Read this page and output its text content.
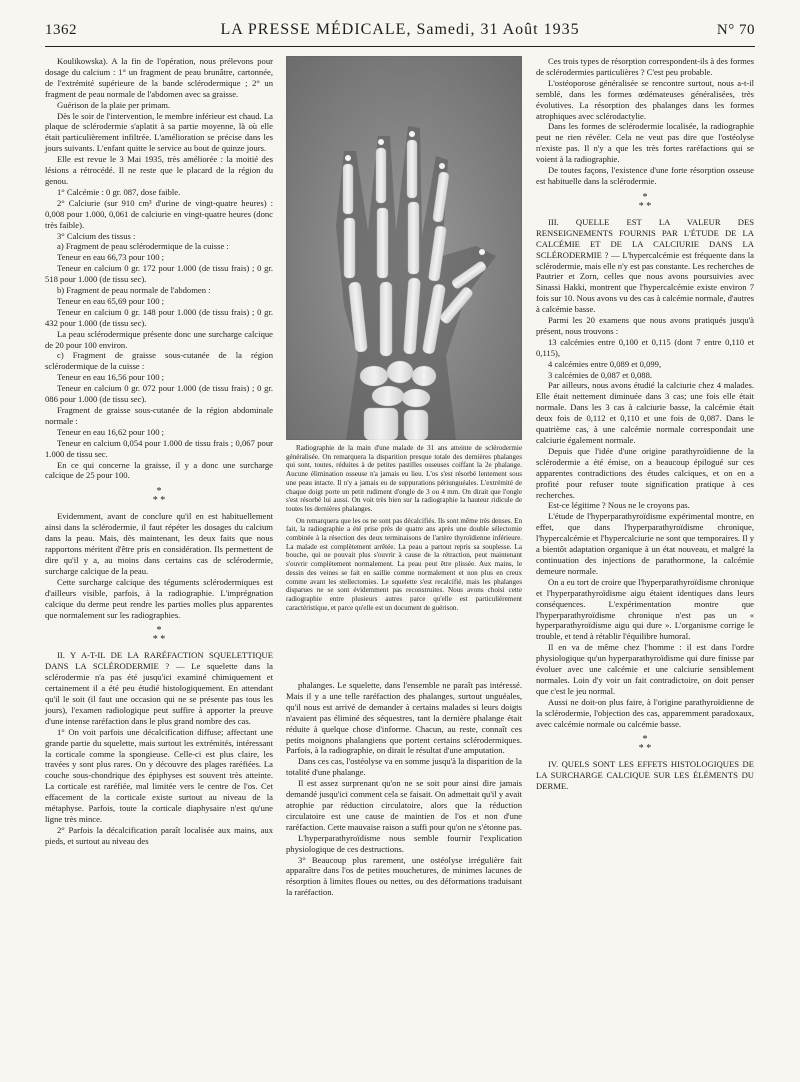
1362	LA PRESSE MÉDICALE, Samedi, 31 Août 1935	N° 70

Koulikowska). A la fin de l'opération, nous prélevons pour dosage du calcium : 1° un fragment de peau brunâtre, cartonnée, de l'extrémité supérieure de la bande sclérodermique ; 2° un fragment de peau normale de l'abdomen avec sa graisse.

Guérison de la plaie per primam.

Dès le soir de l'intervention, le membre inférieur est chaud. La plaque de sclérodermie s'aplatit à sa partie moyenne, là où elle était particulièrement infiltrée. L'amélioration se précise dans les jours suivants. L'enfant quitte le service au bout de quinze jours.

Elle est revue le 3 Mai 1935, très améliorée : la moitié des lésions a rétrocédé. Il ne reste que le placard de la région du genou.

1° Calcémie : 0 gr. 087, dose faible.

2° Calciurie (sur 910 cm³ d'urine de vingt-quatre heures) : 0,008 pour 1.000, 0,061 de calciurie en vingt-quatre heures (donc très faible).

3° Calcium des tissus :

a) Fragment de peau sclérodermique de la cuisse :

Teneur en eau 66,73 pour 100 ;

Teneur en calcium 0 gr. 172 pour 1.000 (de tissu frais) ; 0 gr. 518 pour 1.000 (de tissu sec).

b) Fragment de peau normale de l'abdomen :

Teneur en eau 65,69 pour 100 ;

Teneur en calcium 0 gr. 148 pour 1.000 (de tissu frais) ; 0 gr. 432 pour 1.000 (de tissu sec).

La peau sclérodermique présente donc une surcharge calcique de 20 pour 100 environ.

c) Fragment de graisse sous-cutanée de la région sclérodermique de la cuisse :

Teneur en eau 16,56 pour 100 ;

Teneur en calcium 0 gr. 072 pour 1.000 (de tissu frais) ; 0 gr. 086 pour 1.000 (de tissu sec).

Fragment de graisse sous-cutanée de la région abdominale normale :

Teneur en eau 16,62 pour 100 ;

Teneur en calcium 0,054 pour 1.000 de tissu frais ; 0,067 pour 1.000 de tissu sec.

En ce qui concerne la graisse, il y a donc une surcharge calcique de 25 pour 100.

*
* *

Evidemment, avant de conclure qu'il en est habituellement ainsi dans la sclérodermie, il faut répéter les dosages du calcium dans la peau. Mais, dès maintenant, les deux faits que nous rapportons méritent d'être pris en considération. Ils permettent de dire qu'il y a, au moins dans certains cas de sclérodermie, surcharge calcique de la peau.

Cette surcharge calcique des téguments sclérodermiques est d'ailleurs visible, parfois, à la radiographie. L'imprégnation calcique du derme peut rendre les parties molles plus apparentes que normalement sur les radiographies.

*
* *

II. Y A-T-IL DE LA RARÉFACTION SQUELETTIQUE DANS LA SCLÉRODERMIE ? — Le squelette dans la sclérodermie n'a pas été jusqu'ici examiné chimiquement et certainement il a été peu étudié histologiquement. En attendant qu'il le soit (il faut une occasion qui ne se présente pas tous les jours), l'examen radiologique peut suffire à apporter la preuve d'une intense raréfaction dans le plus grand nombre des cas.

1° On voit parfois une décalcification diffuse; affectant une grande partie du squelette, mais surtout les extrémités, intéressant la corticale comme la spongieuse. Celle-ci est plus claire, les travées y sont plus rares. On y découvre des plages raréfiées. La couche sous-chondrique des épiphyses est souvent très atteinte. La corticale est raréfiée, mal limitée vers le centre de l'os. Cet effacement de la corticale existe surtout au niveau de la métaphyse. Parfois, toute la corticale diaphysaire n'est qu'une ligne très mince.

2° Parfois la décalcification paraît localisée aux mains, aux pieds, et surtout au niveau des

Radiographie de la main d'une malade de 31 ans atteinte de sclérodermie généralisée. On remarquera la disparition presque totale des dernières phalanges qui sont, toutes, réduites à de petites pastilles osseuses coiffant la 2e phalange. Aucune élimination osseuse n'a jamais eu lieu. L'os s'est résorbé lentement sous une peau intacte. Il n'y a jamais eu de suppurations périunguéales. L'extrémité de chaque doigt porte un petit rudiment d'ongle de 3 ou 4 mm. On dirait que l'ongle s'est résorbé lui aussi. On voit très bien sur la radiographie la hauteur ridicule de toutes les dernières phalanges.

On remarquera que les os ne sont pas décalcifiés. Ils sont même très denses. En fait, la radiographie a été prise près de quatre ans après une double sélectomie combinée à la résection des deux terminaisons de l'artère thyroïdienne inférieure. La malade est complètement arrêtée. La peau a partout repris sa souplesse. La bouche, qui ne pouvait plus s'ouvrir à cause de la rétraction, peut maintenant s'ouvrir complètement normalement. La peau peut être plissée. Aux mains, le dessin des veines se fait en saillie comme normalement et non plus en creux comme avant les stellectomies. Le squelette s'est recalcifié, mais les phalanges disparues ne se sont évidemment pas reconstruites. Nous avons choisi cette radiographie entre plusieurs autres parce qu'elle est particulièrement caractéristique, et parce qu'elle est un document de guérison.

phalanges. Le squelette, dans l'ensemble ne paraît pas intéressé. Mais il y a une telle raréfaction des phalanges, surtout unguéales, qu'il nous est arrivé de demander à certains malades si leurs doigts n'avaient pas éliminé des séquestres, tant la dernière phalange était réduite à quelque chose d'informe. Chacun, au reste, connaît ces petits moignons phalangiens que portent certains sclérodermiques. Parfois, à la radiographie, on dirait le résultat d'une amputation.

Dans ces cas, l'ostéolyse va en somme jusqu'à la disparition de la totalité d'une phalange.

Il est assez surprenant qu'on ne se soit pour ainsi dire jamais demandé jusqu'ici comment cela se faisait. On admettait qu'il y avait atrophie par réduction circulatoire, alors que la réduction circulatoire est une cause de maintien de l'os et non d'une raréfaction. Cette mauvaise raison a suffi pour qu'on ne s'étonne pas.

L'hyperparathyroïdisme nous semble fournir l'explication physiologique de ces destructions.

3° Beaucoup plus rarement, une ostéolyse irrégulière fait apparaître dans l'os de petites mouchetures, de minimes lacunes de résorption à limites floues ou nettes, ou des déformations traduisant la raréfaction.

Ces trois types de résorption correspondent-ils à des formes de sclérodermies particulières ? C'est peu probable.

L'ostéoporose généralisée se rencontre surtout, nous a-t-il semblé, dans les formes œdémateuses généralisées, très évolutives. La résorption des phalanges dans les formes atrophiques avec sclérodactylie.

Dans les formes de sclérodermie localisée, la radiographie peut ne rien révéler. Cela ne veut pas dire que l'ostéolyse n'existe pas. Il n'y a que les très fortes raréfactions qui se voient à la radiographie.

De toutes façons, l'existence d'une forte résorption osseuse est habituelle dans la sclérodermie.

*
* *

III. QUELLE EST LA VALEUR DES RENSEIGNEMENTS FOURNIS PAR L'ÉTUDE DE LA CALCÉMIE ET DE LA CALCIURIE DANS LA SCLÉRODERMIE ? — L'hypercalcémie est fréquente dans la sclérodermie, mais elle n'y est pas constante. Les recherches de Pautrier et Zorn, celles que nous avons poursuivies avec Sinassi Hakki, montrent que l'hypercalcémie existe environ 7 fois sur 10. Nous avons vu des cas à calcémie normale, d'autres à calcémie basse.

Parmi les 20 examens que nous avons pratiqués jusqu'à présent, nous trouvons :

13 calcémies entre 0,100 et 0,115 (dont 7 entre 0,110 et 0,115),

4 calcémies entre 0,089 et 0,099,

3 calcémies de 0,087 et 0,088.

Par ailleurs, nous avons étudié la calciurie chez 4 malades. Elle était nettement diminuée dans 3 cas; une fois elle était normale. Dans les 3 cas à calciurie basse, la calcémie était deux fois de 0,112 et 0,110 et une fois de 0,087. Dans le quatrième cas, à une calcémie normale correspondait une calciurie également normale.

Depuis que l'idée d'une origine parathyroïdienne de la sclérodermie a été émise, on a beaucoup épilogué sur ces apparentes contradictions des études calciques, et on en a profité pour refuser toute signification pratique à ces recherches.

Est-ce légitime ? Nous ne le croyons pas.

L'étude de l'hyperparathyroïdisme expérimental montre, en effet, que dans l'hyperparathyroïdisme chronique, l'hypercalcémie et l'hypercalciurie ne sont que temporaires. Il y a bientôt adaptation organique à un état nouveau, et malgré la continuation des injections de parathormone, la calcémie demeure normale.

On a eu tort de croire que l'hyperparathyroïdisme chronique et l'hyperparathyroïdisme aigu étaient identiques dans leurs conséquences. L'expérimentation montre que l'hyperparathyroïdisme chronique n'est pas un « hyperparathyroïdisme aigu qui dure ». L'organisme corrige le trouble, et tend à rétablir l'équilibre humoral.

Il en va de même chez l'homme : il est dans l'ordre physiologique qu'un hyperparathyroïdisme qui dure finisse par évoluer avec une calcémie et une calciurie sensiblement normales. Loin d'y voir un fait contradictoire, on doit penser que c'est le jeu normal.

Aussi ne doit-on plus faire, à l'origine parathyroïdienne de la sclérodermie, l'objection des cas, apparemment paradoxaux, avec calcémie normale ou calcémie basse.

*
* *

IV. QUELS SONT LES EFFETS HISTOLOGIQUES DE LA SURCHARGE CALCIQUE SUR LES ÉLÉMENTS DU DERME.
